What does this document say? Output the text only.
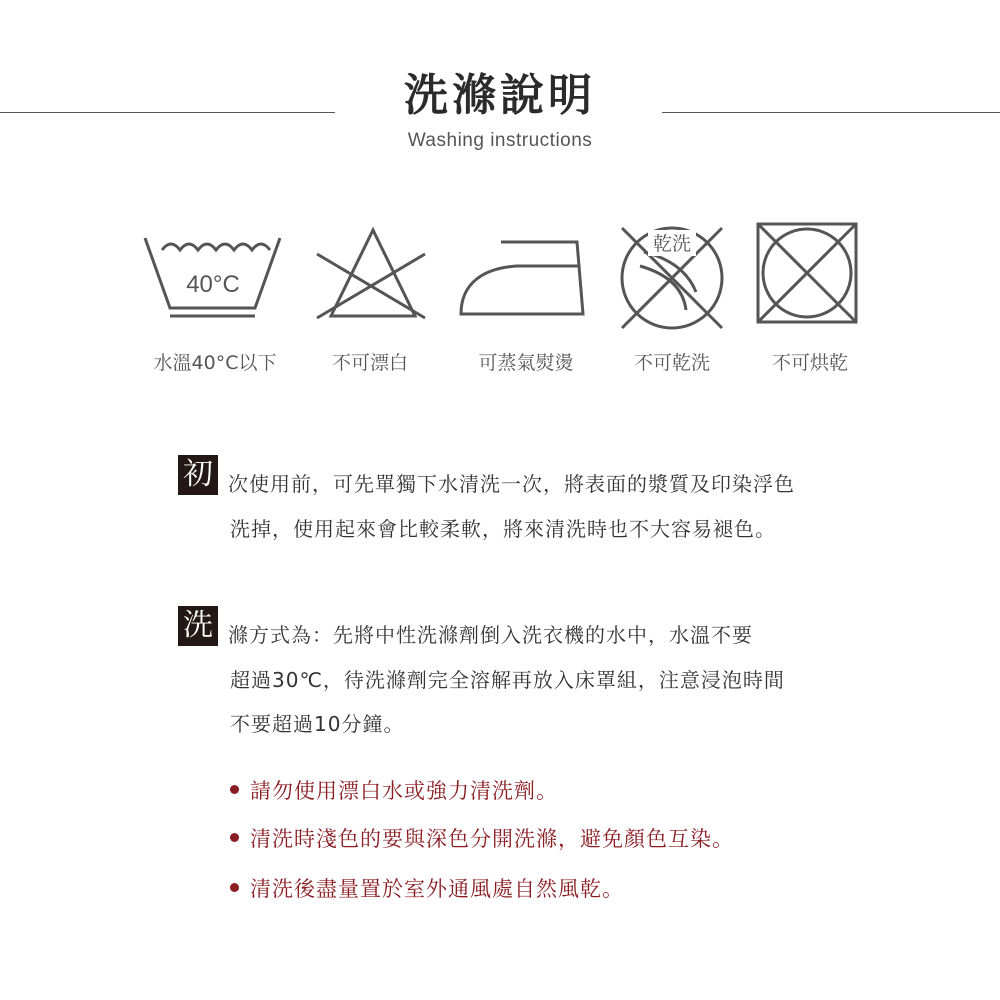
洗滌說明
Washing instructions
40°C
水溫40°C以下	不可漂白	可蒸氣熨燙
乾洗
不可乾洗	不可烘乾
初 次使用前，可先單獨下水清洗一次，將表面的漿質及印染浮色
洗掉，使用起來會比較柔軟，將來清洗時也不大容易褪色。
洗 滌方式為：先將中性洗滌劑倒入洗衣機的水中，水溫不要
超過30℃，待洗滌劑完全溶解再放入床罩組，注意浸泡時間
不要超過10分鐘。
請勿使用漂白水或強力清洗劑。
清洗時淺色的要與深色分開洗滌，避免顏色互染。
清洗後盡量置於室外通風處自然風乾。
